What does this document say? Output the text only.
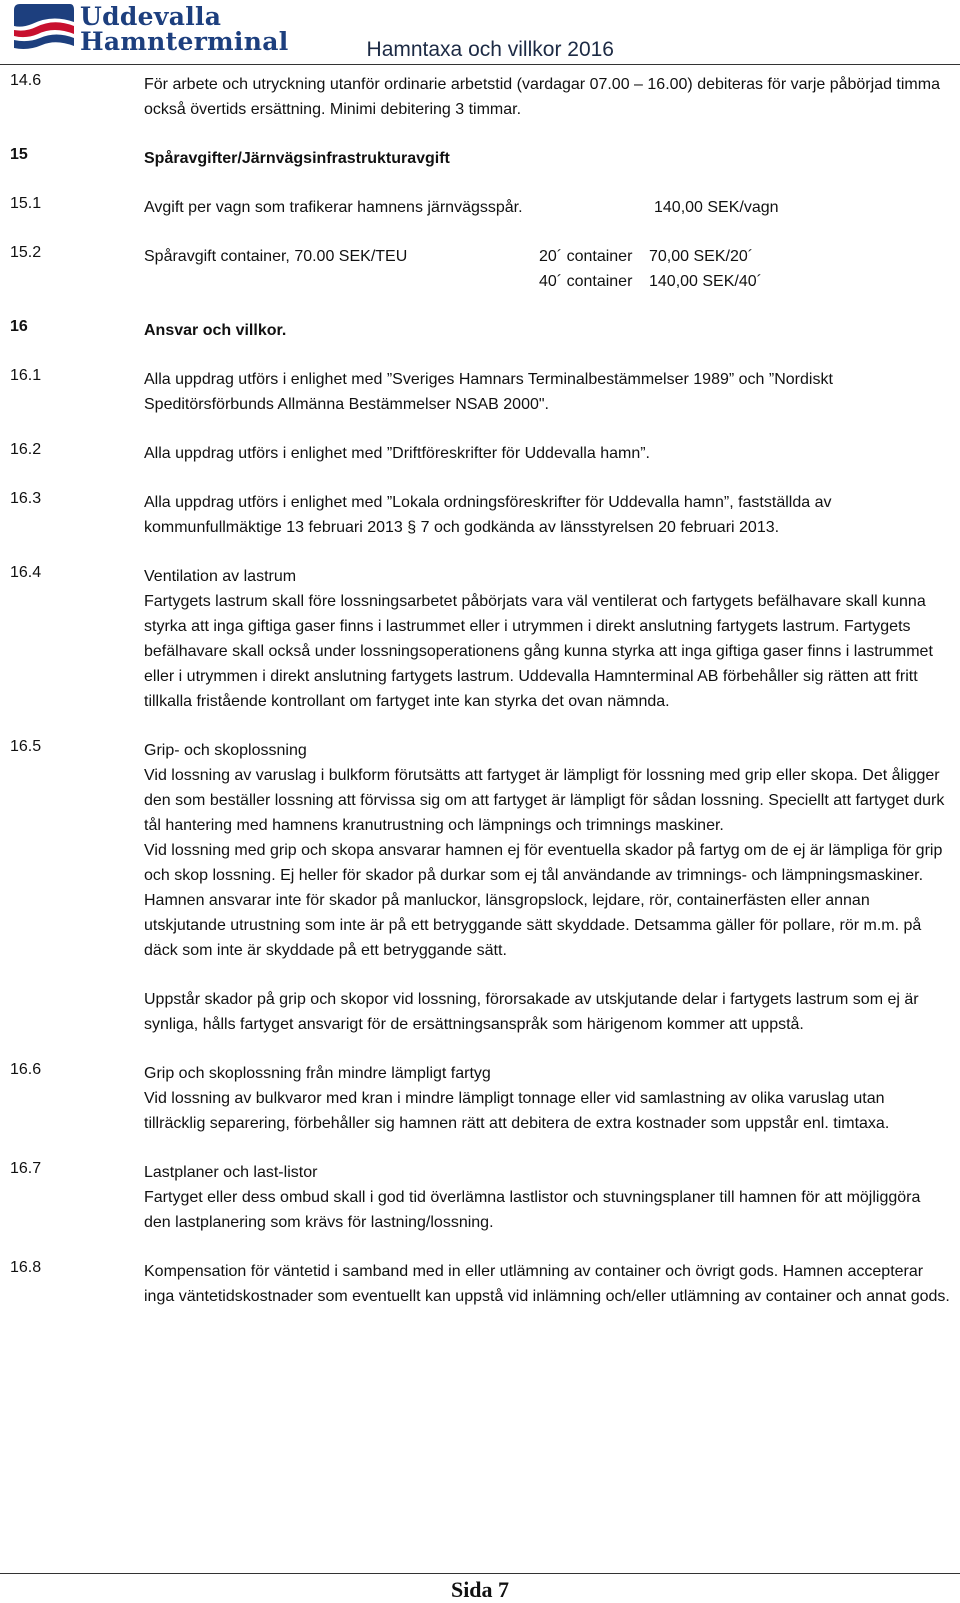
Uddevalla
Hamnterminal	Hamntaxa och villkor 2016
14.6	För arbete och utryckning utanför ordinarie arbetstid (vardagar 07.00 – 16.00) debiteras för varje påbörjad timma också övertids ersättning. Minimi debitering 3 timmar.

15	Spåravgifter/Järnvägsinfrastrukturavgift
15.1	Avgift per vagn som trafikerar hamnens järnvägsspår.	140,00 SEK/vagn
15.2	Spåravgift container, 70.00 SEK/TEU	20´ container	70,00 SEK/20´
40´ container	140,00 SEK/40´
16	Ansvar och villkor.
16.1	Alla uppdrag utförs i enlighet med ”Sveriges Hamnars Terminalbestämmelser 1989” och ”Nordiskt Speditörsförbunds Allmänna Bestämmelser NSAB 2000".

16.2	Alla uppdrag utförs i enlighet med ”Driftföreskrifter för Uddevalla hamn”.

16.3	Alla uppdrag utförs i enlighet med ”Lokala ordningsföreskrifter för Uddevalla hamn”, fastställda av kommunfullmäktige 13 februari 2013 § 7 och godkända av länsstyrelsen 20 februari 2013.

16.4	Ventilation av lastrum

Fartygets lastrum skall före lossningsarbetet påbörjats vara väl ventilerat och fartygets befälhavare skall kunna styrka att inga giftiga gaser finns i lastrummet eller i utrymmen i direkt anslutning fartygets lastrum. Fartygets befälhavare skall också under lossningsoperationens gång kunna styrka att inga giftiga gaser finns i lastrummet eller i utrymmen i direkt anslutning fartygets lastrum. Uddevalla Hamnterminal AB förbehåller sig rätten att fritt tillkalla fristående kontrollant om fartyget inte kan styrka det ovan nämnda.

16.5	Grip- och skoplossning

Vid lossning av varuslag i bulkform förutsätts att fartyget är lämpligt för lossning med grip eller skopa. Det åligger den som beställer lossning att förvissa sig om att fartyget är lämpligt för sådan lossning. Speciellt att fartyget durk tål hantering med hamnens kranutrustning och lämpnings och trimnings maskiner.

Vid lossning med grip och skopa ansvarar hamnen ej för eventuella skador på fartyg om de ej är lämpliga för grip och skop lossning. Ej heller för skador på durkar som ej tål användande av trimnings- och lämpningsmaskiner. Hamnen ansvarar inte för skador på manluckor, länsgropslock, lejdare, rör, containerfästen eller annan utskjutande utrustning som inte är på ett betryggande sätt skyddade. Detsamma gäller för pollare, rör m.m. på däck som inte är skyddade på ett betryggande sätt.

Uppstår skador på grip och skopor vid lossning, förorsakade av utskjutande delar i fartygets lastrum som ej är synliga, hålls fartyget ansvarigt för de ersättningsanspråk som härigenom kommer att uppstå.

16.6	Grip och skoplossning från mindre lämpligt fartyg

Vid lossning av bulkvaror med kran i mindre lämpligt tonnage eller vid samlastning av olika varuslag utan tillräcklig separering, förbehåller sig hamnen rätt att debitera de extra kostnader som uppstår enl. timtaxa.

16.7	Lastplaner och last-listor

Fartyget eller dess ombud skall i god tid överlämna lastlistor och stuvningsplaner till hamnen för att möjliggöra den lastplanering som krävs för lastning/lossning.

16.8	Kompensation för väntetid i samband med in eller utlämning av container och övrigt gods. Hamnen accepterar inga väntetidskostnader som eventuellt kan uppstå vid inlämning och/eller utlämning av container och annat gods.

Sida 7
